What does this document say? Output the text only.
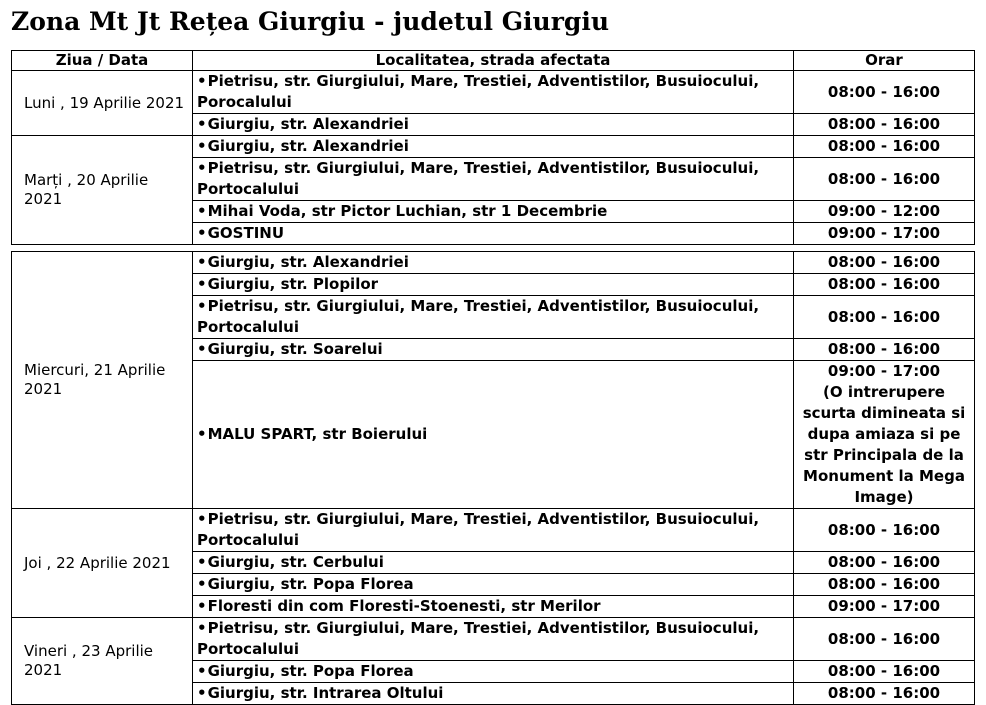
Zona Mt Jt Rețea Giurgiu - judetul Giurgiu
Ziua / Data	Localitatea, strada afectata	Orar
Luni , 19 Aprilie 2021	•Pietrisu, str. Giurgiului, Mare, Trestiei, Adventistilor, Busuiocului, Porocalului	08:00 - 16:00
	•Giurgiu, str. Alexandriei	08:00 - 16:00
Marți , 20 Aprilie 2021	•Giurgiu, str. Alexandriei	08:00 - 16:00
	•Pietrisu, str. Giurgiului, Mare, Trestiei, Adventistilor, Busuiocului, Portocalului	08:00 - 16:00
	•Mihai Voda, str Pictor Luchian, str 1 Decembrie	09:00 - 12:00
	•GOSTINU	09:00 - 17:00
Miercuri, 21 Aprilie 2021	•Giurgiu, str. Alexandriei	08:00 - 16:00
	•Giurgiu, str. Plopilor	08:00 - 16:00
	•Pietrisu, str. Giurgiului, Mare, Trestiei, Adventistilor, Busuiocului, Portocalului	08:00 - 16:00
	•Giurgiu, str. Soarelui	08:00 - 16:00
	•MALU SPART, str Boierului	09:00 - 17:00
(O intrerupere scurta dimineata si dupa amiaza si pe str Principala de la Monument la Mega Image)

Joi , 22 Aprilie 2021	•Pietrisu, str. Giurgiului, Mare, Trestiei, Adventistilor, Busuiocului, Portocalului	08:00 - 16:00
	•Giurgiu, str. Cerbului	08:00 - 16:00
	•Giurgiu, str. Popa Florea	08:00 - 16:00
	•Floresti din com Floresti-Stoenesti, str Merilor	09:00 - 17:00
Vineri , 23 Aprilie 2021	•Pietrisu, str. Giurgiului, Mare, Trestiei, Adventistilor, Busuiocului, Portocalului	08:00 - 16:00
	•Giurgiu, str. Popa Florea	08:00 - 16:00
	•Giurgiu, str. Intrarea Oltului	08:00 - 16:00
